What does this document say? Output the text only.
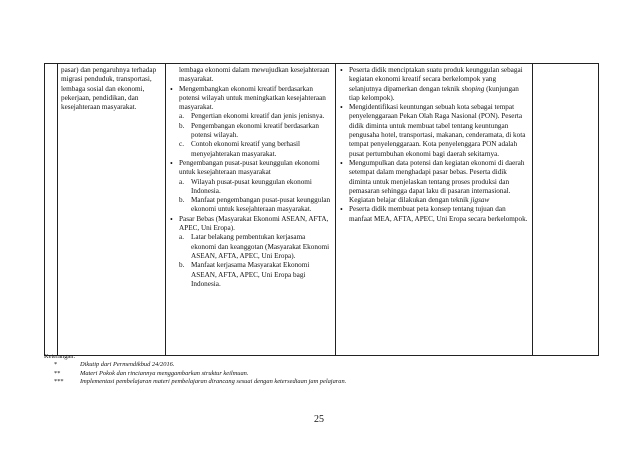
pasar) dan pengaruhnya terhadap migrasi penduduk, transportasi, lembaga sosial dan ekonomi, pekerjaan, pendidikan, dan kesejahteraan masyarakat.

lembaga ekonomi dalam mewujudkan kesejahteraan masyarakat.
• Mengembangkan ekonomi kreatif berdasarkan potensi wilayah untuk meningkatkan kesejahteraan masyarakat.
a. Pengertian ekonomi kreatif dan jenis jenisnya.
b. Pengembangan ekonomi kreatif berdasarkan potensi wilayah.
c. Contoh ekonomi kreatif yang berhasil menyejahterakan masyarakat.
• Pengembangan pusat-pusat keunggulan ekonomi untuk kesejahteraan masyarakat
a. Wilayah pusat-pusat keunggulan ekonomi Indonesia.
b. Manfaat pengembangan pusat-pusat keunggulan ekonomi untuk kesejahteraan masyarakat.
• Pasar Bebas (Masyarakat Ekonomi ASEAN, AFTA, APEC, Uni Eropa).
a. Latar belakang pembentukan kerjasama ekonomi dan keanggotan (Masyarakat Ekonomi ASEAN, AFTA, APEC, Uni Eropa).
b. Manfaat kerjasama Masyarakat Ekonomi ASEAN, AFTA, APEC, Uni Eropa bagi Indonesia.

• Peserta didik menciptakan suatu produk keunggulan sebagai kegiatan ekonomi kreatif secara berkelompok yang selanjutnya dipamerkan dengan teknik shoping (kunjungan tiap kelompok).
• Mengidentifikasi keuntungan sebuah kota sebagai tempat penyelenggaraan Pekan Olah Raga Nasional (PON). Peserta didik diminta untuk membuat tabel tentang keuntungan pengusaha hotel, transportasi, makanan, cenderamata, di kota tempat penyelenggaraan. Kota penyelenggara PON adalah pusat pertumbuhan ekonomi bagi daerah sekitarnya.
• Mengumpulkan data potensi dan kegiatan ekonomi di daerah setempat dalam menghadapi pasar bebas. Peserta didik diminta untuk menjelaskan tentang proses produksi dan pemasaran sehingga dapat laku di pasaran internasional. Kegiatan belajar dilakukan dengan teknik jigsaw
• Peserta didik membuat peta konsep tentang tujuan dan manfaat MEA, AFTA, APEC, Uni Eropa secara berkelompok.

Keterangan:
*	Dikutip dari Permendikbud 24/2016.
**	Materi Pokok dan rinciannya menggambarkan struktur keilmuan.
***	Implementasi pembelajaran materi pembelajaran dirancang sesuai dengan ketersediaan jam pelajaran.
25
